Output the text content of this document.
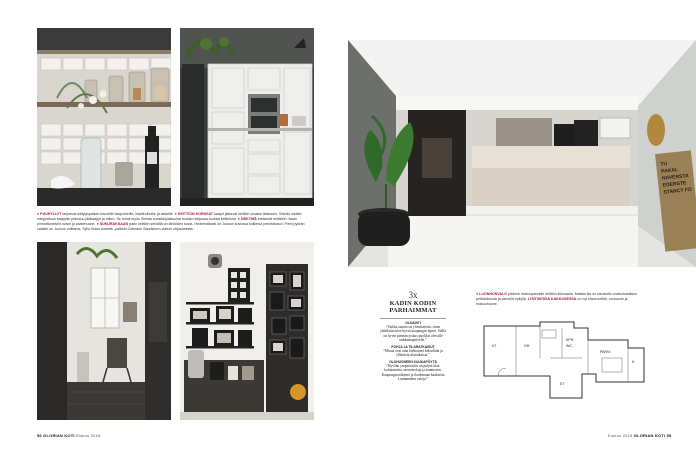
● PUUHYLLYT tarjoavat säilytyspaikan kauniille lasipurkeille, leipäkulhoille ja astioille. ● KEITTIÖN KORKEAT kaapit jatkavat keittiön omaksi tilakseen. Seinän sisään integroituun kaappiin piiloutuu jääkaappi ja mikro. Se toimii myös Stellan suosikkipaikkoina muiden ketjussa ruokaa keittiössä. ● NÄKYMÄ eteisestä keittiöön. Ikean pinnoittuneisiin ovisin ja vaatehuone. ● SUKURAKKAAN parin keittiön seinällä on lähiöiden kuvia. Hedelmäkasti on Juuson suvussa kulkenut perintökasvi. Pieni pyörän vaiakin on Juuson voittama. Sylvi Video Awards -palkinto Daruden Sandstorm-videon ohjauksesta.
56 GLORIAN KOTI Elokuu 2018
TU
PAKAL
NAVERSTA
EDERSTE
STANCY FO
3x
KADIN KODIN PARHAIMMAT
OLKAINTI
“Vaikka asunto on ylimitoitettu, sinne yhdeksän tulee hyvin kaupungin lapset. Siellä on hyvin pimeän joskus puoliksi olevalle nukkumaparvelle.”
POHJA JA TILARATKAISUT
“Minua ovat aina kiehtoneet kekseliäät ja yllättävät tilaratkaisut.”
OLOHUONEEN KUUKAPÖYTÄ
“Hyvään ympäristöön on paljon tilaa kohtaamisia, neuvotteluja ja asumiseen. Kaupungin näkymä ja ihailemaan kaukaisia Linnanmäen valoja.”
● LUONNONVALO pääsee makuuparvelle keittiön ikkunasta. Matala tila on sisustettu maksimaalisen pelkistämistä ja pienellä hyllyllä. LYNTISESSÄ KAKKOSESSA on nyt tilava keittiö, olohuone ja makuuhuone.
KT	OH	WC
KPH
PARVI
ET
K
Elokuu 2018 GLORIAN KOTI 59
